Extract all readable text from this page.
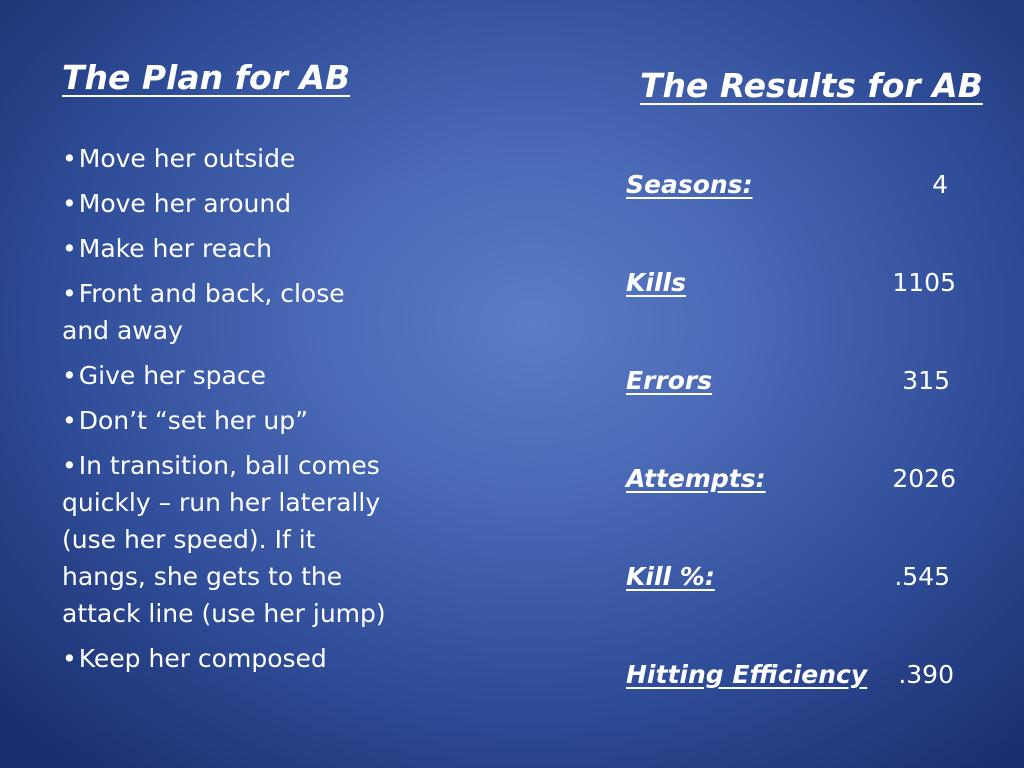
The Plan for AB
•Move her outside
•Move her around
•Make her reach
•Front and back, close and away
•Give her space
•Don’t “set her up”
•In transition, ball comes quickly – run her laterally (use her speed). If it hangs, she gets to the attack line (use her jump)
•Keep her composed
The Results for AB
Seasons:	4
Kills	1105
Errors	315
Attempts:	2026
Kill %:	.545
Hitting Efficiency .390
